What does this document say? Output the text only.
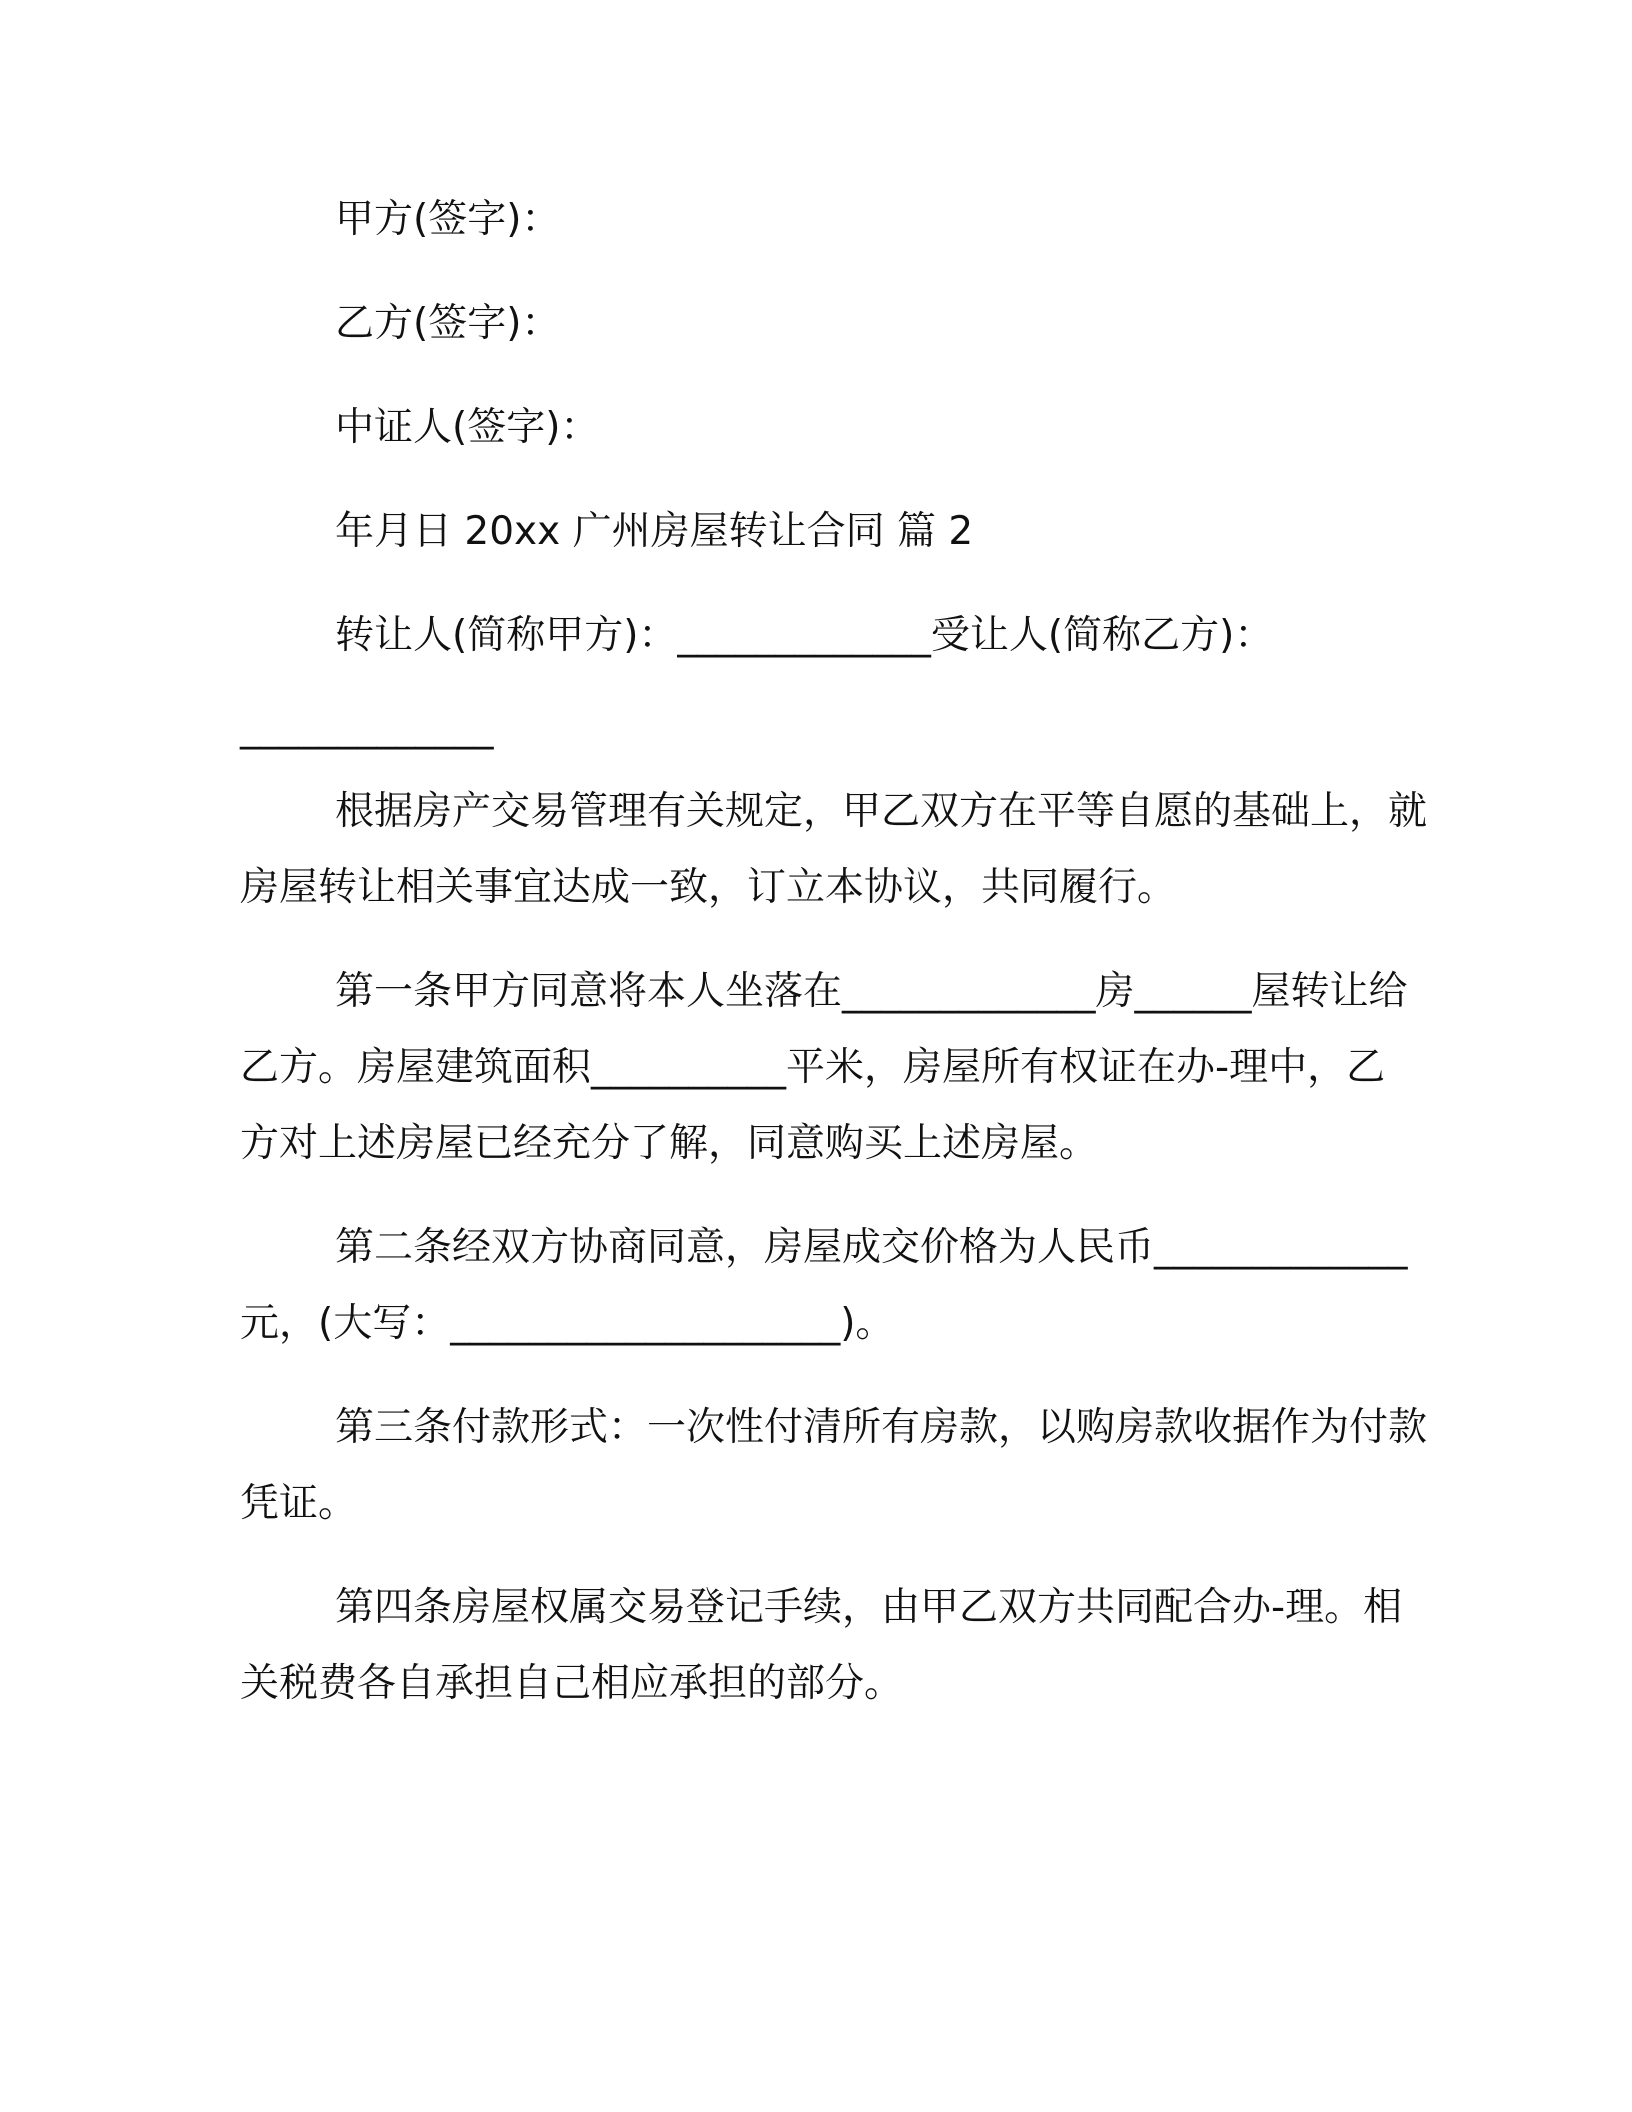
甲方(签字)：

乙方(签字)：

中证人(签字)：

年月日 20xx 广州房屋转让合同 篇 2

转让人(简称甲方)：_____________受让人(简称乙方)：

_____________

根据房产交易管理有关规定，甲乙双方在平等自愿的基础上，就

房屋转让相关事宜达成一致，订立本协议，共同履行。

第一条甲方同意将本人坐落在_____________房______屋转让给

乙方。房屋建筑面积__________平米，房屋所有权证在办-理中，乙

方对上述房屋已经充分了解，同意购买上述房屋。

第二条经双方协商同意，房屋成交价格为人民币_____________

元，(大写：____________________)。

第三条付款形式：一次性付清所有房款，以购房款收据作为付款

凭证。

第四条房屋权属交易登记手续，由甲乙双方共同配合办-理。相

关税费各自承担自己相应承担的部分。
